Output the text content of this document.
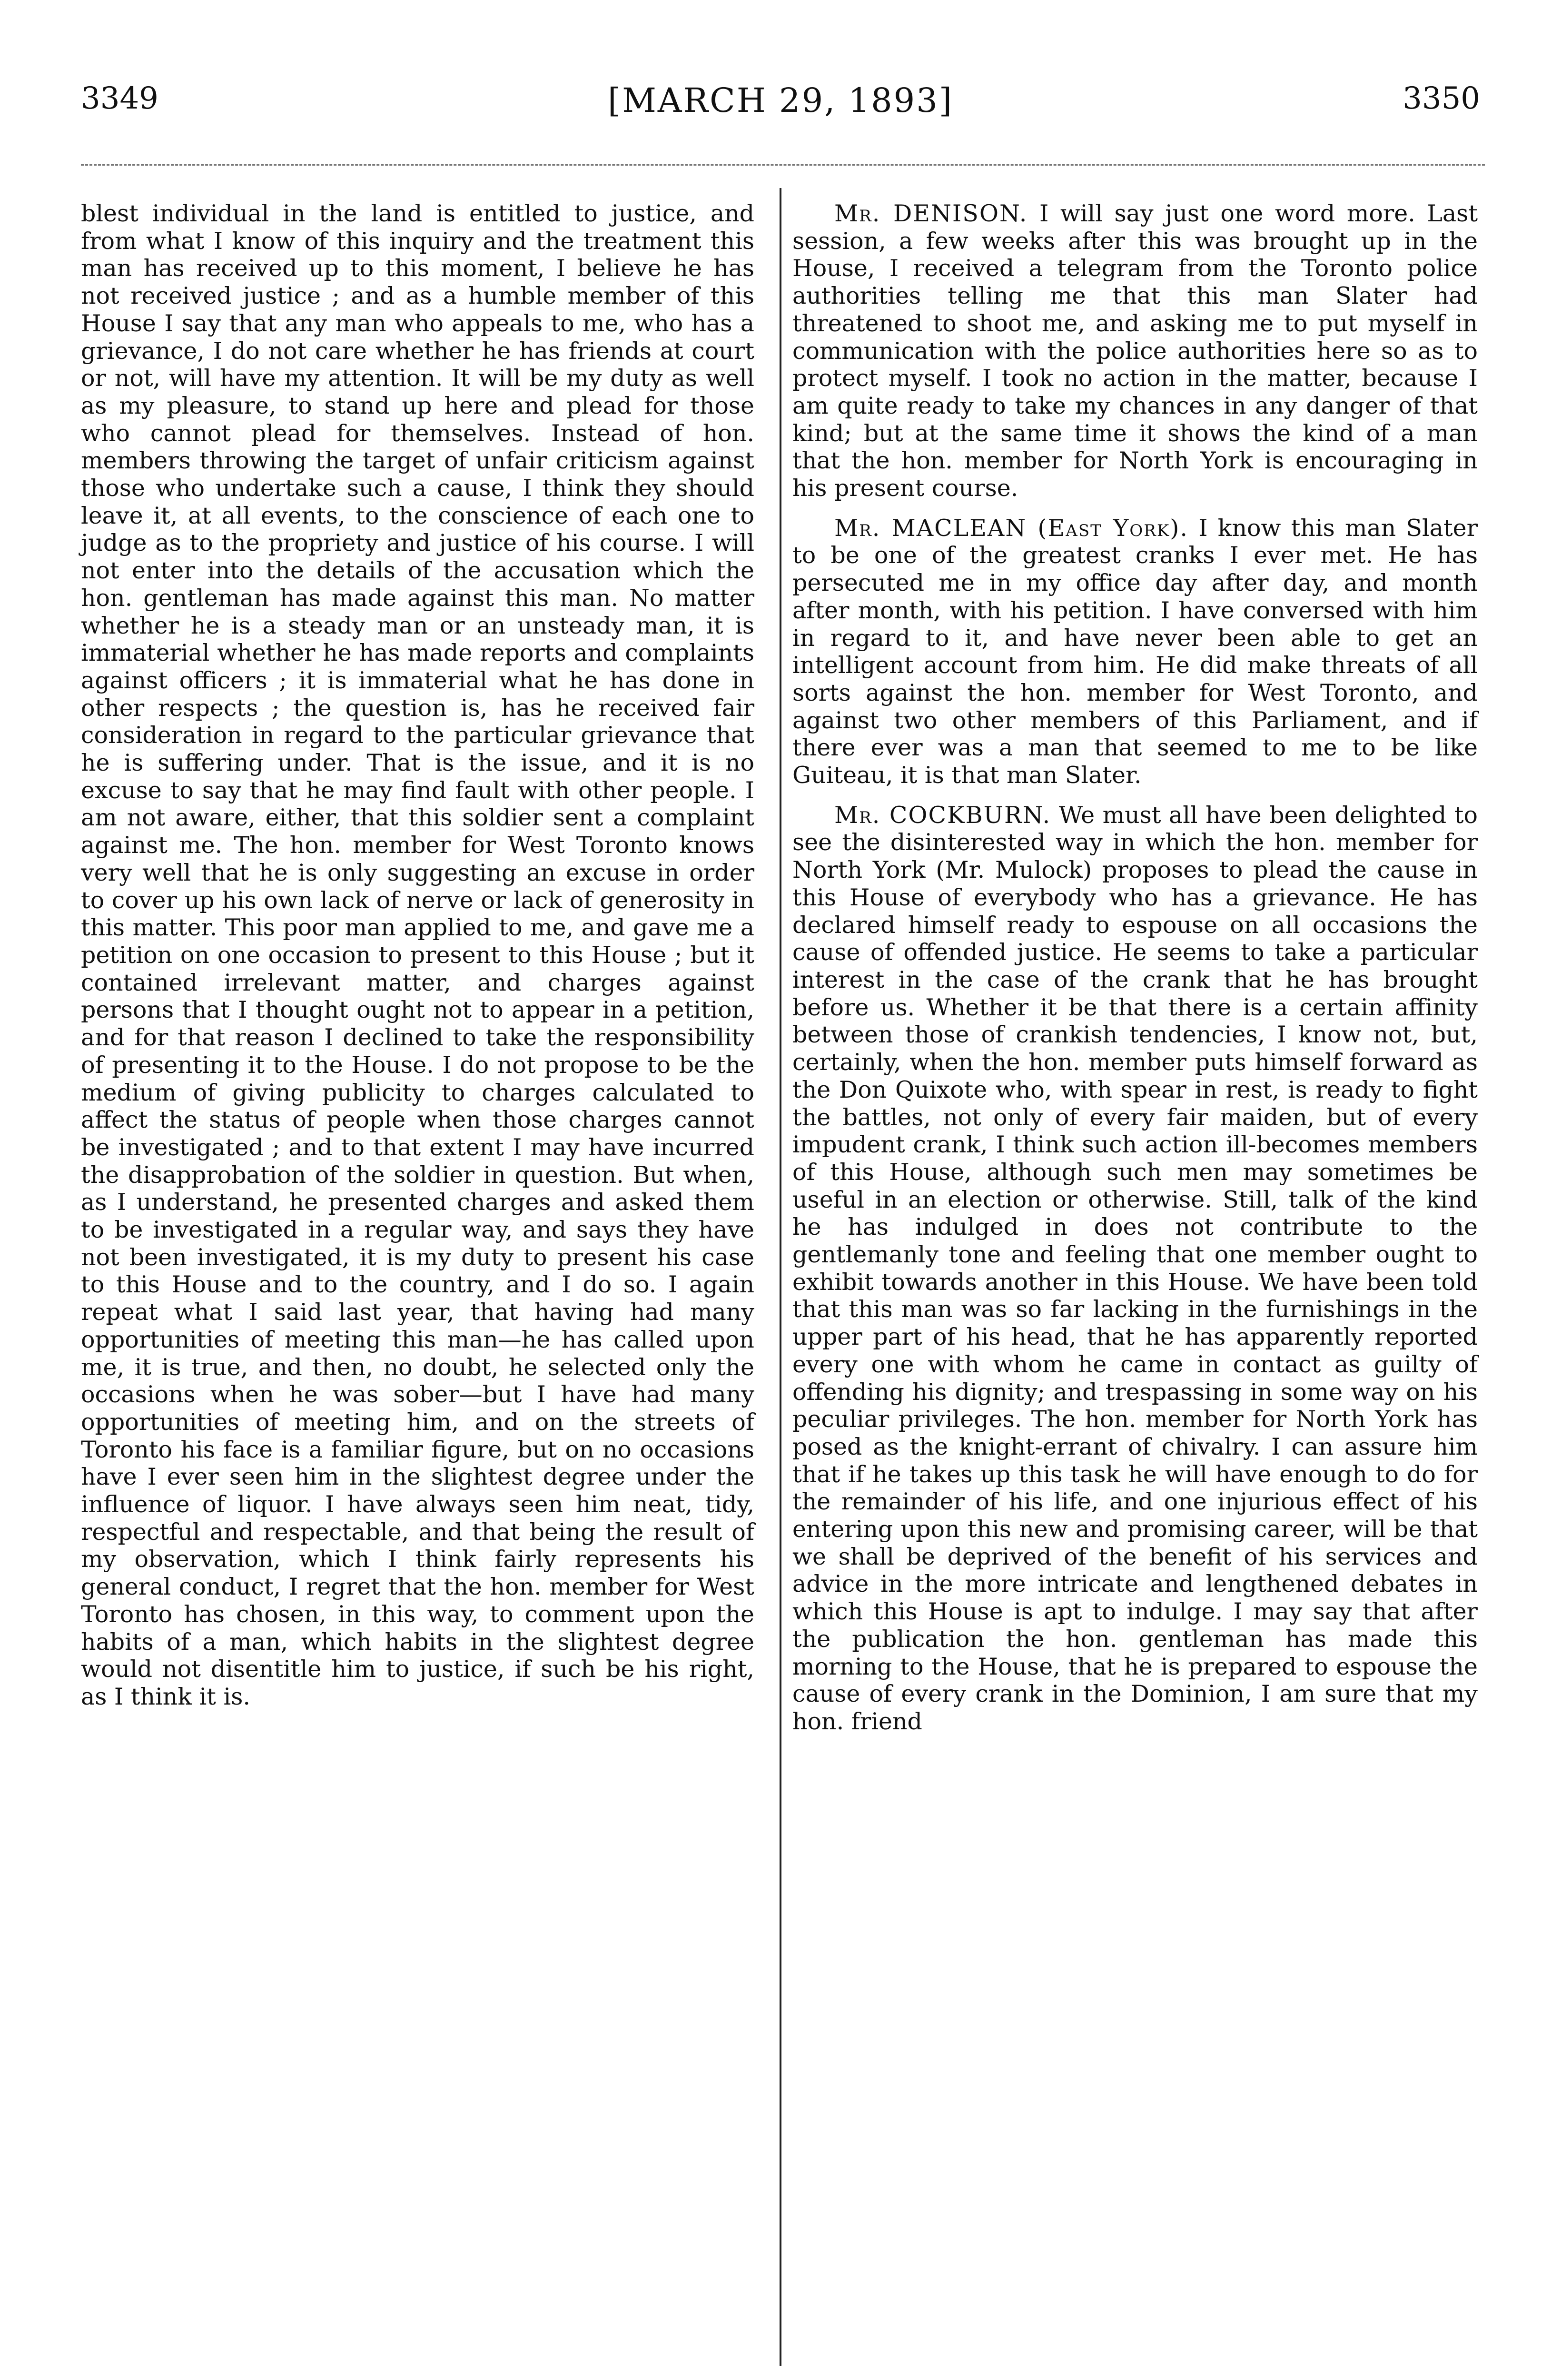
3349	[MARCH 29, 1893]	3350

blest individual in the land is entitled to justice, and from what I know of this inquiry and the treatment this man has received up to this moment, I believe he has not received justice ; and as a humble member of this House I say that any man who appeals to me, who has a grievance, I do not care whether he has friends at court or not, will have my attention. It will be my duty as well as my pleasure, to stand up here and plead for those who cannot plead for themselves. Instead of hon. members throwing the target of unfair criticism against those who undertake such a cause, I think they should leave it, at all events, to the conscience of each one to judge as to the propriety and justice of his course. I will not enter into the details of the accusation which the hon. gentleman has made against this man. No matter whether he is a steady man or an unsteady man, it is immaterial whether he has made reports and complaints against officers ; it is immaterial what he has done in other respects ; the question is, has he received fair consideration in regard to the particular grievance that he is suffering under. That is the issue, and it is no excuse to say that he may find fault with other people. I am not aware, either, that this soldier sent a complaint against me. The hon. member for West Toronto knows very well that he is only suggesting an excuse in order to cover up his own lack of nerve or lack of generosity in this matter. This poor man applied to me, and gave me a petition on one occasion to present to this House ; but it contained irrelevant matter, and charges against persons that I thought ought not to appear in a petition, and for that reason I declined to take the responsibility of presenting it to the House. I do not propose to be the medium of giving publicity to charges calculated to affect the status of people when those charges cannot be investigated ; and to that extent I may have incurred the disapprobation of the soldier in question. But when, as I understand, he presented charges and asked them to be investigated in a regular way, and says they have not been investigated, it is my duty to present his case to this House and to the country, and I do so. I again repeat what I said last year, that having had many opportunities of meeting this man—he has called upon me, it is true, and then, no doubt, he selected only the occasions when he was sober—but I have had many opportunities of meeting him, and on the streets of Toronto his face is a familiar figure, but on no occasions have I ever seen him in the slightest degree under the influence of liquor. I have always seen him neat, tidy, respectful and respectable, and that being the result of my observation, which I think fairly represents his general conduct, I regret that the hon. member for West Toronto has chosen, in this way, to comment upon the habits of a man, which habits in the slightest degree would not disentitle him to justice, if such be his right, as I think it is.

Mr. DENISON. I will say just one word more. Last session, a few weeks after this was brought up in the House, I received a telegram from the Toronto police authorities telling me that this man Slater had threatened to shoot me, and asking me to put myself in communication with the police authorities here so as to protect myself. I took no action in the matter, because I am quite ready to take my chances in any danger of that kind; but at the same time it shows the kind of a man that the hon. member for North York is encouraging in his present course.

Mr. MACLEAN (East York). I know this man Slater to be one of the greatest cranks I ever met. He has persecuted me in my office day after day, and month after month, with his petition. I have conversed with him in regard to it, and have never been able to get an intelligent account from him. He did make threats of all sorts against the hon. member for West Toronto, and against two other members of this Parliament, and if there ever was a man that seemed to me to be like Guiteau, it is that man Slater.

Mr. COCKBURN. We must all have been delighted to see the disinterested way in which the hon. member for North York (Mr. Mulock) proposes to plead the cause in this House of everybody who has a grievance. He has declared himself ready to espouse on all occasions the cause of offended justice. He seems to take a particular interest in the case of the crank that he has brought before us. Whether it be that there is a certain affinity between those of crankish tendencies, I know not, but, certainly, when the hon. member puts himself forward as the Don Quixote who, with spear in rest, is ready to fight the battles, not only of every fair maiden, but of every impudent crank, I think such action ill-becomes members of this House, although such men may sometimes be useful in an election or otherwise. Still, talk of the kind he has indulged in does not contribute to the gentlemanly tone and feeling that one member ought to exhibit towards another in this House. We have been told that this man was so far lacking in the furnishings in the upper part of his head, that he has apparently reported every one with whom he came in contact as guilty of offending his dignity; and trespassing in some way on his peculiar privileges. The hon. member for North York has posed as the knight-errant of chivalry. I can assure him that if he takes up this task he will have enough to do for the remainder of his life, and one injurious effect of his entering upon this new and promising career, will be that we shall be deprived of the benefit of his services and advice in the more intricate and lengthened debates in which this House is apt to indulge. I may say that after the publication the hon. gentleman has made this morning to the House, that he is prepared to espouse the cause of every crank in the Dominion, I am sure that my hon. friend
